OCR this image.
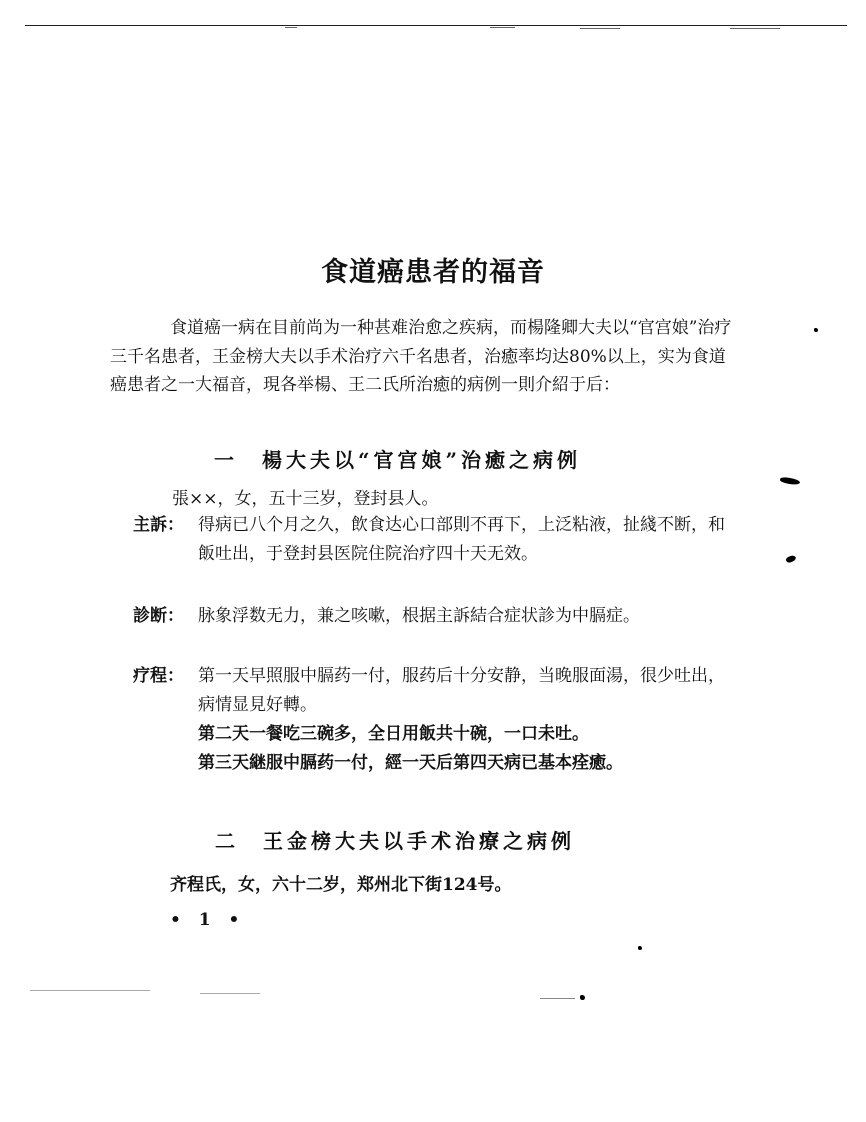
食道癌患者的福音

食道癌一病在目前尚为一种甚难治愈之疾病，而楊隆卿大夫以“官宫娘”治疗三千名患者，王金榜大夫以手术治疗六千名患者，治癒率均达80%以上，实为食道癌患者之一大福音，現各举楊、王二氏所治癒的病例一則介紹于后：

一　楊大夫以“官宫娘”治癒之病例
張××，女，五十三岁，登封县人。
主訴： 得病已八个月之久，飲食达心口部則不再下，上泛粘液，扯綫不断，和飯吐出，于登封县医院住院治疗四十天无效。

診断： 脉象浮数无力，兼之咳嗽，根据主訴結合症状診为中膈症。

疗程： 第一天早照服中膈药一付，服药后十分安静，当晚服面湯，很少吐出，病情显見好轉。

第二天一餐吃三碗多，全日用飯共十碗，一口未吐。

第三天継服中膈药一付，經一天后第四天病已基本痊癒。

二　王金榜大夫以手术治療之病例
齐程氏，女，六十二岁，郑州北下街124号。
• 1 •
